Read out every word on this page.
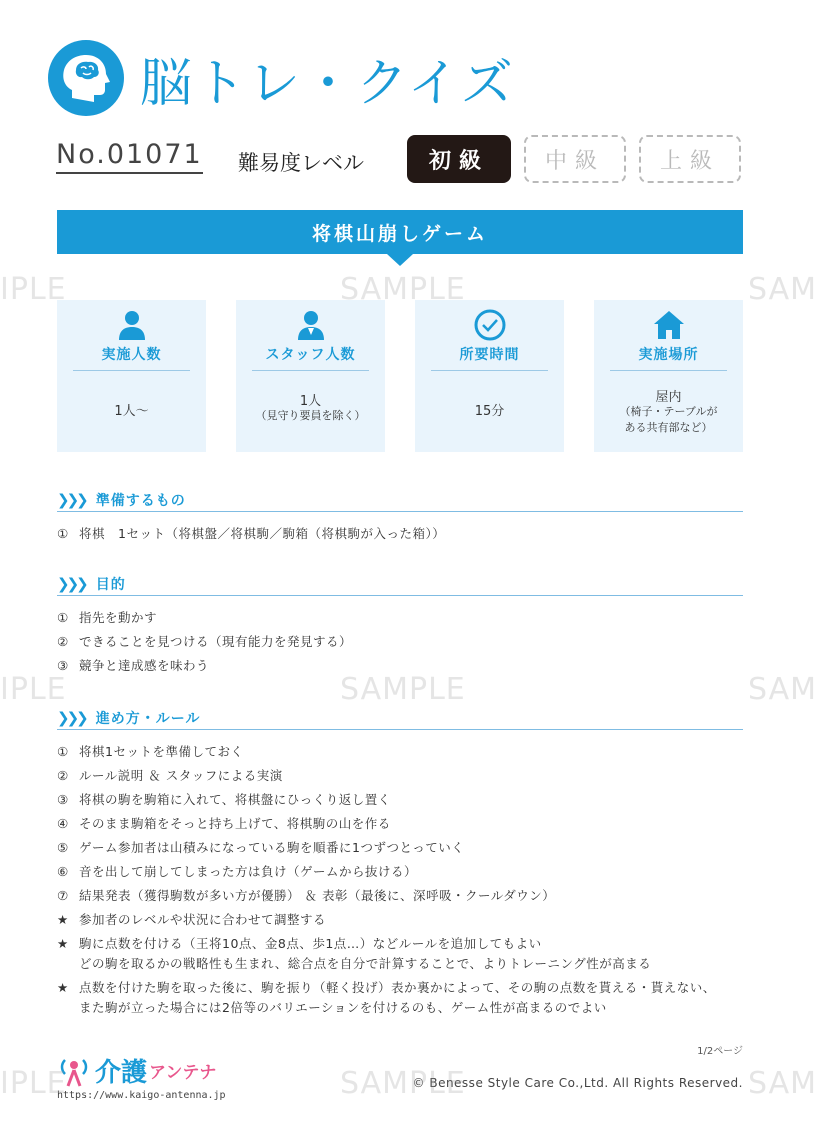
脳トレ・クイズ
No.01071 難易度レベル	初級	中級	上級
将棋山崩しゲーム
実施人数
1人〜
スタッフ人数
1人
（見守り要員を除く）
所要時間
15分
実施場所
屋内
（椅子・テーブルが
ある共有部など）
❯❯❯ 準備するもの
① 将棋　1セット（将棋盤／将棋駒／駒箱（将棋駒が入った箱））
❯❯❯ 目的
① 指先を動かす
② できることを見つける（現有能力を発見する）
③ 競争と達成感を味わう
❯❯❯ 進め方・ルール
① 将棋1セットを準備しておく
② ルール説明 ＆ スタッフによる実演
③ 将棋の駒を駒箱に入れて、将棋盤にひっくり返し置く
④ そのまま駒箱をそっと持ち上げて、将棋駒の山を作る
⑤ ゲーム参加者は山積みになっている駒を順番に1つずつとっていく
⑥ 音を出して崩してしまった方は負け（ゲームから抜ける）
⑦ 結果発表（獲得駒数が多い方が優勝） ＆ 表彰（最後に、深呼吸・クールダウン）
★ 参加者のレベルや状況に合わせて調整する
★ 駒に点数を付ける（王将10点、金8点、歩1点…）などルールを追加してもよい
どの駒を取るかの戦略性も生まれ、総合点を自分で計算することで、よりトレーニング性が高まる
★ 点数を付けた駒を取った後に、駒を振り（軽く投げ）表か裏かによって、その駒の点数を貰える・貰えない、
また駒が立った場合には2倍等のバリエーションを付けるのも、ゲーム性が高まるのでよい
1/2ページ
介護 アンテナ
https://www.kaigo-antenna.jp
© Benesse Style Care Co.,Ltd. All Rights Reserved.
IPLE	SAMPLE	SAM
IPLE	SAMPLE	SAM
IPLE	SAMPLE	SAM
